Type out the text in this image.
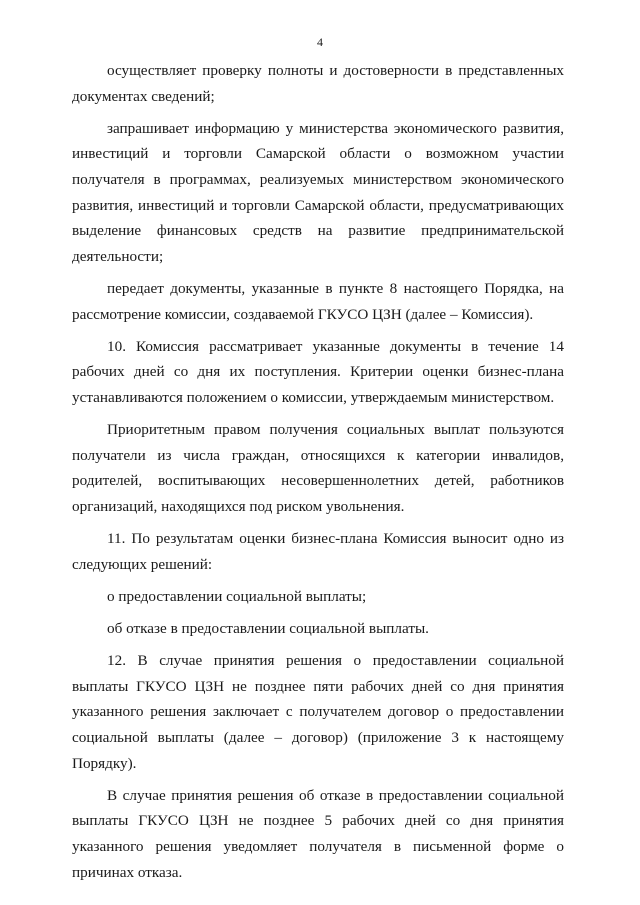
4

осуществляет проверку полноты и достоверности в представленных документах сведений;

запрашивает информацию у министерства экономического развития, инвестиций и торговли Самарской области о возможном участии получателя в программах, реализуемых министерством экономического развития, инвестиций и торговли Самарской области, предусматривающих выделение финансовых средств на развитие предпринимательской деятельности;

передает документы, указанные в пункте 8 настоящего Порядка, на рассмотрение комиссии, создаваемой ГКУСО ЦЗН (далее – Комиссия).

10. Комиссия рассматривает указанные документы в течение 14 рабочих дней со дня их поступления. Критерии оценки бизнес-плана устанавливаются положением о комиссии, утверждаемым министерством.

Приоритетным правом получения социальных выплат пользуются получатели из числа граждан, относящихся к категории инвалидов, родителей, воспитывающих несовершеннолетних детей, работников организаций, находящихся под риском увольнения.

11. По результатам оценки бизнес-плана Комиссия выносит одно из следующих решений:

о предоставлении социальной выплаты;

об отказе в предоставлении социальной выплаты.

12. В случае принятия решения о предоставлении социальной выплаты ГКУСО ЦЗН не позднее пяти рабочих дней со дня принятия указанного решения заключает с получателем договор о предоставлении социальной выплаты (далее – договор) (приложение 3 к настоящему Порядку).

В случае принятия решения об отказе в предоставлении социальной выплаты ГКУСО ЦЗН не позднее 5 рабочих дней со дня принятия указанного решения уведомляет получателя в письменной форме о причинах отказа.
